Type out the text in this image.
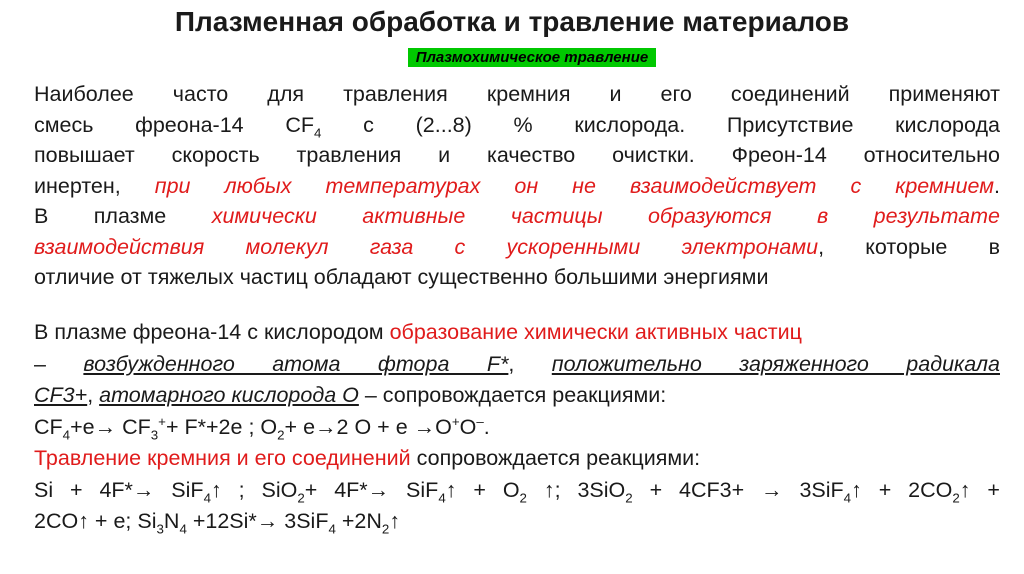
Плазменная обработка и травление материалов
Плазмохимическое травление
Наиболее часто для травления кремния и его соединений применяют
смесь фреона-14 $CF_4$ с (2...8) % кислорода. Присутствие кислорода
повышает скорость травления и качество очистки. Фреон-14 относительно
инертен, при любых температурах он не взаимодействует с кремнием.
В плазме химически активные частицы образуются в результате
взаимодействия молекул газа с ускоренными электронами, которые в
отличие от тяжелых частиц обладают существенно большими энергиями
В плазме фреона-14 с кислородом образование химически активных частиц
– возбужденного атома фтора F*, положительно заряженного радикала
CF3+, атомарного кислорода О – сопровождается реакциями:
$CF_4+e\to CF_3^++ F*+2e$ ; $O_2+ e\to 2$ O + e →O+O–.
Травление кремния и его соединений сопровождается реакциями:
Si + 4F*→ SiF$_4$↑ ; SiO$_2$+ 4F*→ SiF$_4$↑ + $O_2$ ↑; 3SiO$_2$ + 4CF3+ → 3SiF$_4$↑ + $2CO_2↑$ +
2CO↑ + e; $Si_3N_4 +12Si*\to 3SiF_4$ $+2N_2↑$
